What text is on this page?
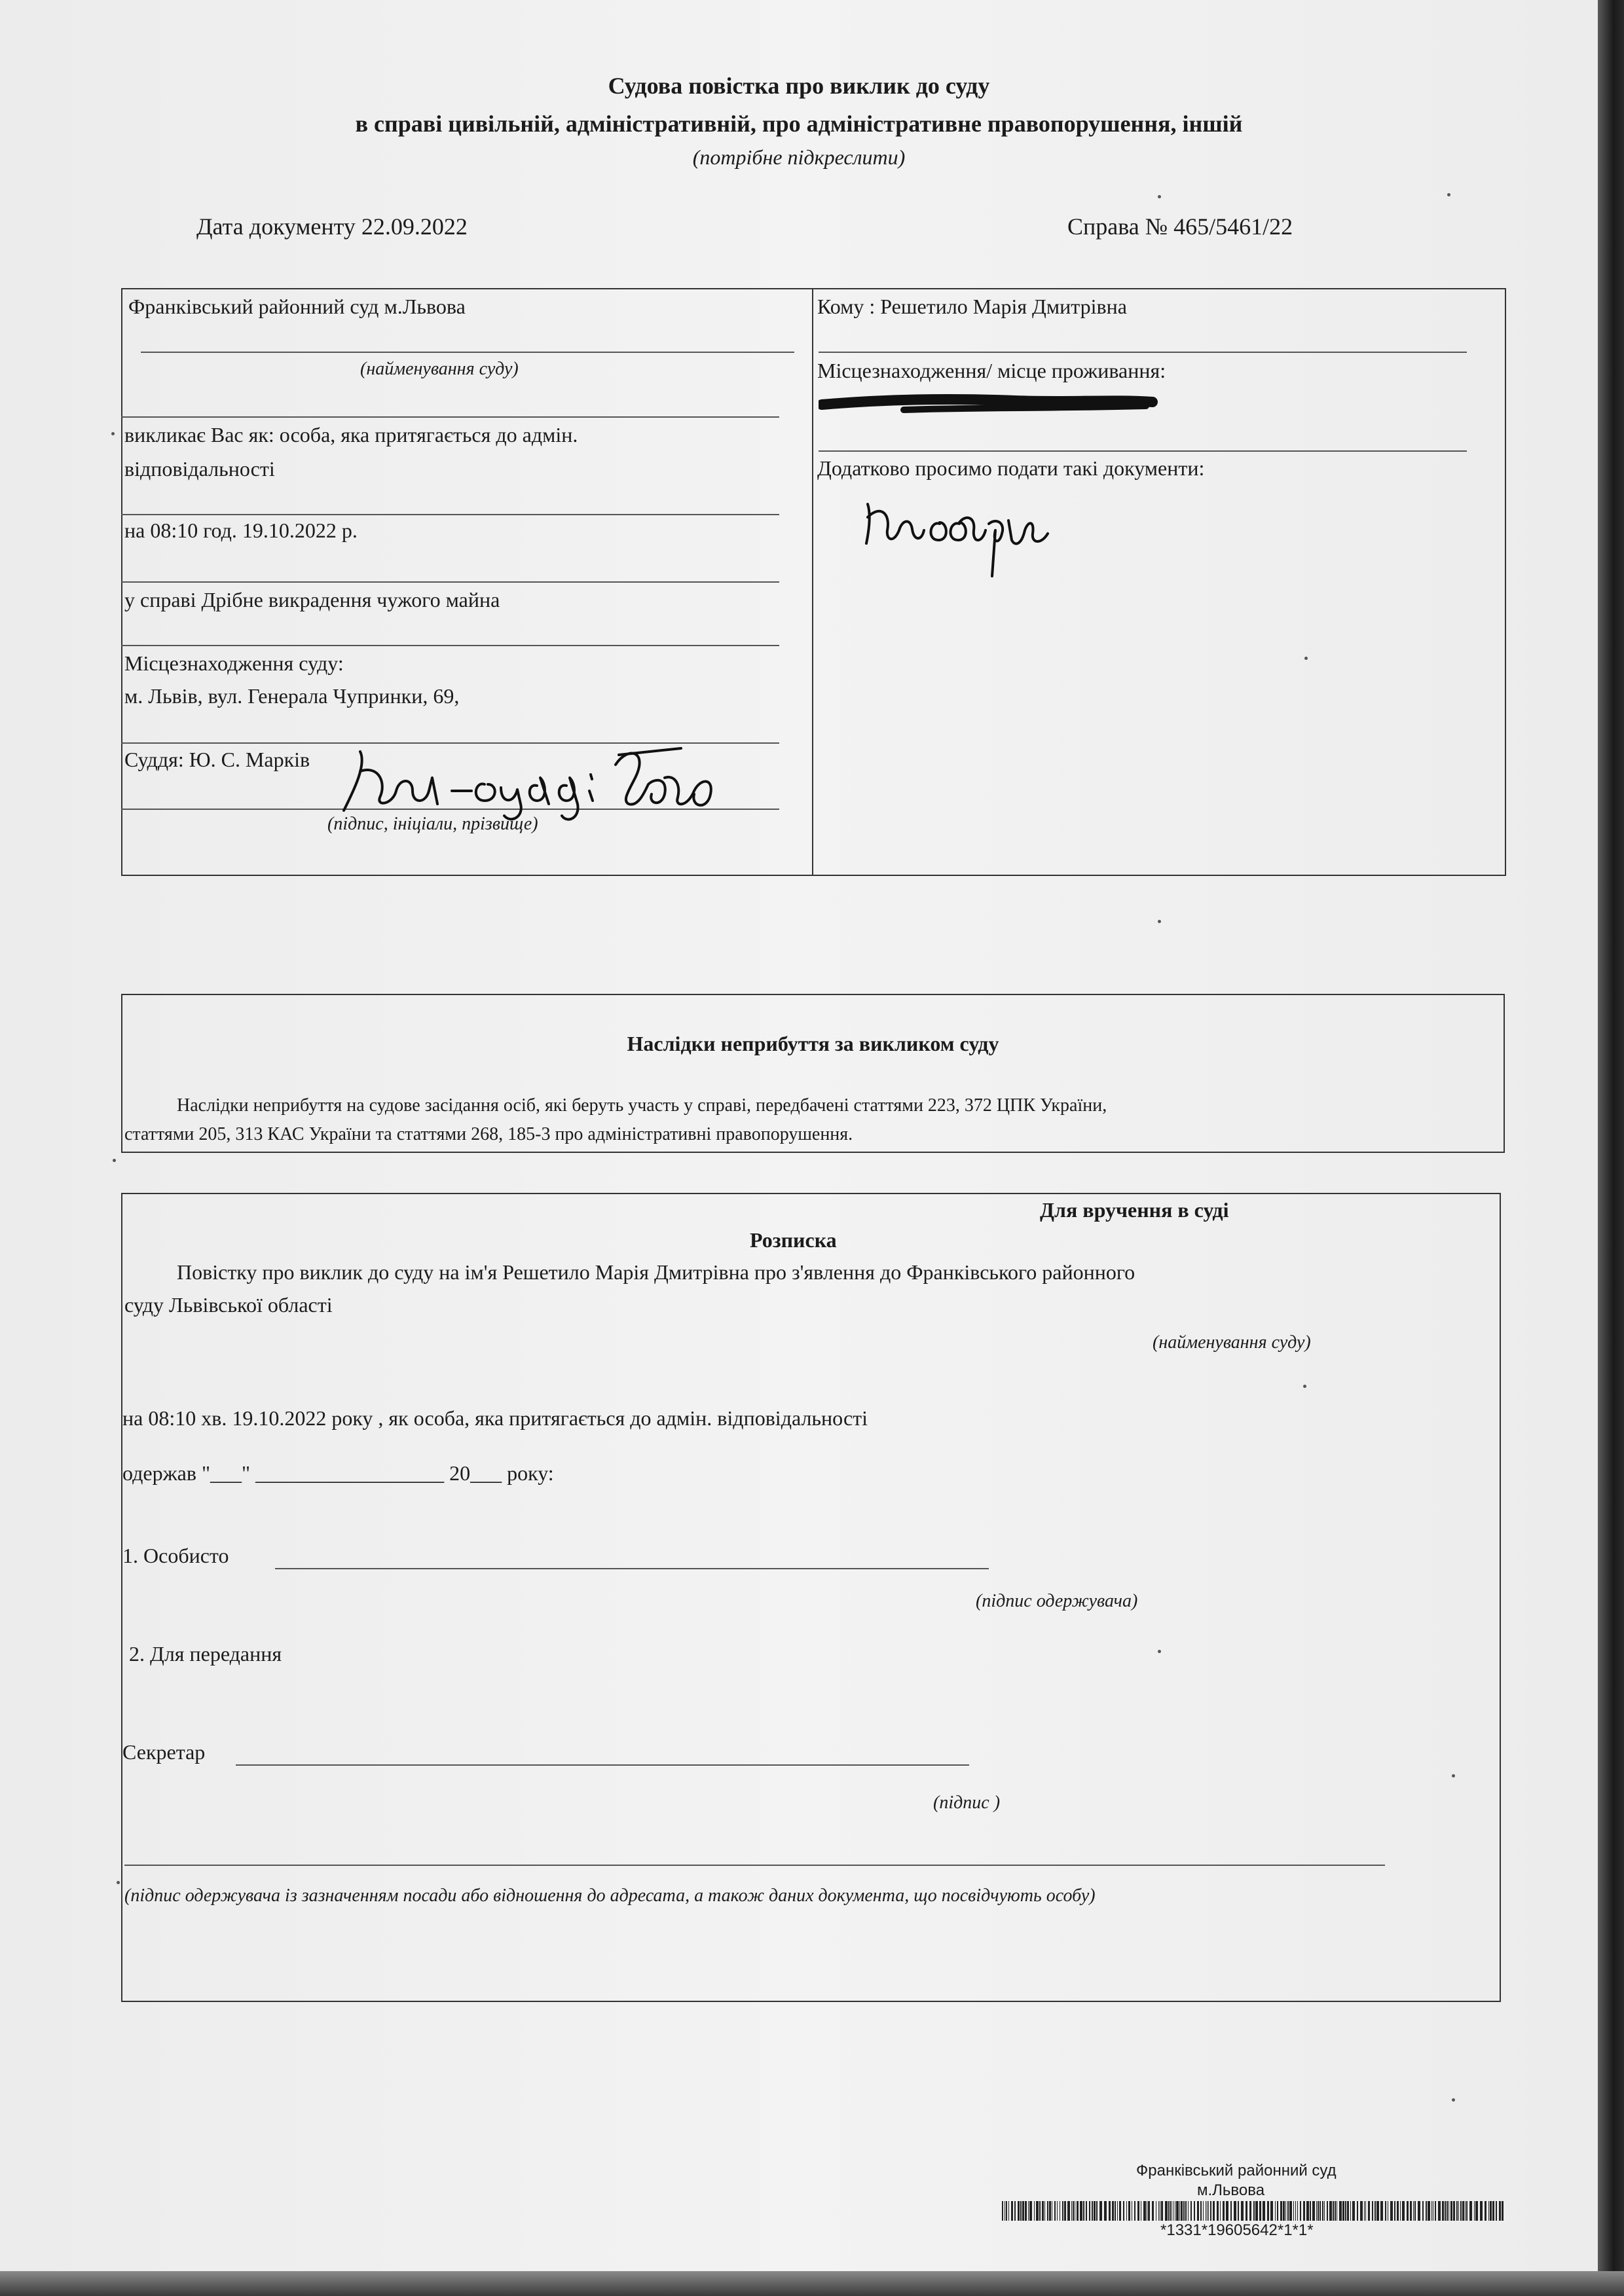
Судова повістка про виклик до суду
в справі цивільній, адміністративній, про адміністративне правопорушення, іншій
(потрібне підкреслити)
Дата документу 22.09.2022	Справа № 465/5461/22
Франківський районний суд м.Львова
(найменування суду)
викликає Вас як: особа, яка притягається до адмін.
відповідальності
на 08:10 год. 19.10.2022 р.
у справі Дрібне викрадення чужого майна
Місцезнаходження суду:
м. Львів, вул. Генерала Чупринки, 69,
Суддя: Ю. С. Марків
(підпис, ініціали, прізвище)
Кому : Решетило Марія Дмитрівна
Місцезнаходження/ місце проживання:
Додатково просимо подати такі документи:
Наслідки неприбуття за викликом суду
Наслідки неприбуття на судове засідання осіб, які беруть участь у справі, передбачені статтями 223, 372 ЦПК України,
статтями 205, 313 КАС України та статтями 268, 185-3 про адміністративні правопорушення.
Для вручення в суді
Розписка
Повістку про виклик до суду на ім'я Решетило Марія Дмитрівна про з'явлення до Франківського районного
суду Львівської області
(найменування суду)
на 08:10 хв. 19.10.2022 року , як особа, яка притягається до адмін. відповідальності
одержав "___" __________________ 20___ року:
1. Особисто
(підпис одержувача)
2. Для передання
Секретар
(підпис )
(підпис одержувача із зазначенням посади або відношення до адресата, а також даних документа, що посвідчують особу)
Франківський районний суд
м.Львова
*1331*19605642*1*1*
